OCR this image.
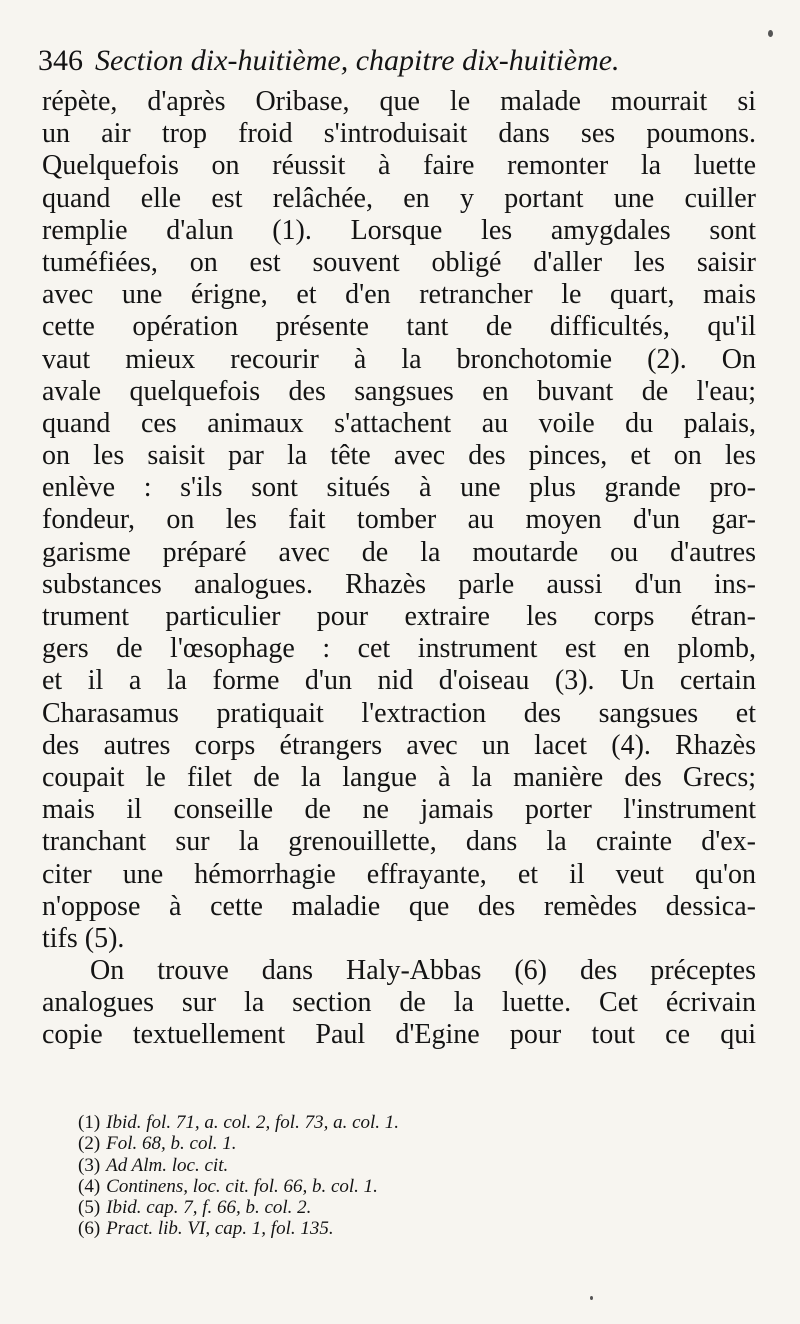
346 Section dix-huitième, chapitre dix-huitième.
répète, d'après Oribase, que le malade mourrait si
un air trop froid s'introduisait dans ses poumons.
Quelquefois on réussit à faire remonter la luette
quand elle est relâchée, en y portant une cuiller
remplie d'alun (1). Lorsque les amygdales sont
tuméfiées, on est souvent obligé d'aller les saisir
avec une érigne, et d'en retrancher le quart, mais
cette opération présente tant de difficultés, qu'il
vaut mieux recourir à la bronchotomie (2). On
avale quelquefois des sangsues en buvant de l'eau;
quand ces animaux s'attachent au voile du palais,
on les saisit par la tête avec des pinces, et on les
enlève : s'ils sont situés à une plus grande pro-
fondeur, on les fait tomber au moyen d'un gar-
garisme préparé avec de la moutarde ou d'autres
substances analogues. Rhazès parle aussi d'un ins-
trument particulier pour extraire les corps étran-
gers de l'œsophage : cet instrument est en plomb,
et il a la forme d'un nid d'oiseau (3). Un certain
Charasamus pratiquait l'extraction des sangsues et
des autres corps étrangers avec un lacet (4). Rhazès
coupait le filet de la langue à la manière des Grecs;
mais il conseille de ne jamais porter l'instrument
tranchant sur la grenouillette, dans la crainte d'ex-
citer une hémorrhagie effrayante, et il veut qu'on
n'oppose à cette maladie que des remèdes dessica-
tifs (5).
On trouve dans Haly-Abbas (6) des préceptes
analogues sur la section de la luette. Cet écrivain
copie textuellement Paul d'Egine pour tout ce qui
(1) Ibid. fol. 71, a. col. 2, fol. 73, a. col. 1.
(2) Fol. 68, b. col. 1.
(3) Ad Alm. loc. cit.
(4) Continens, loc. cit. fol. 66, b. col. 1.
(5) Ibid. cap. 7, f. 66, b. col. 2.
(6) Pract. lib. VI, cap. 1, fol. 135.
